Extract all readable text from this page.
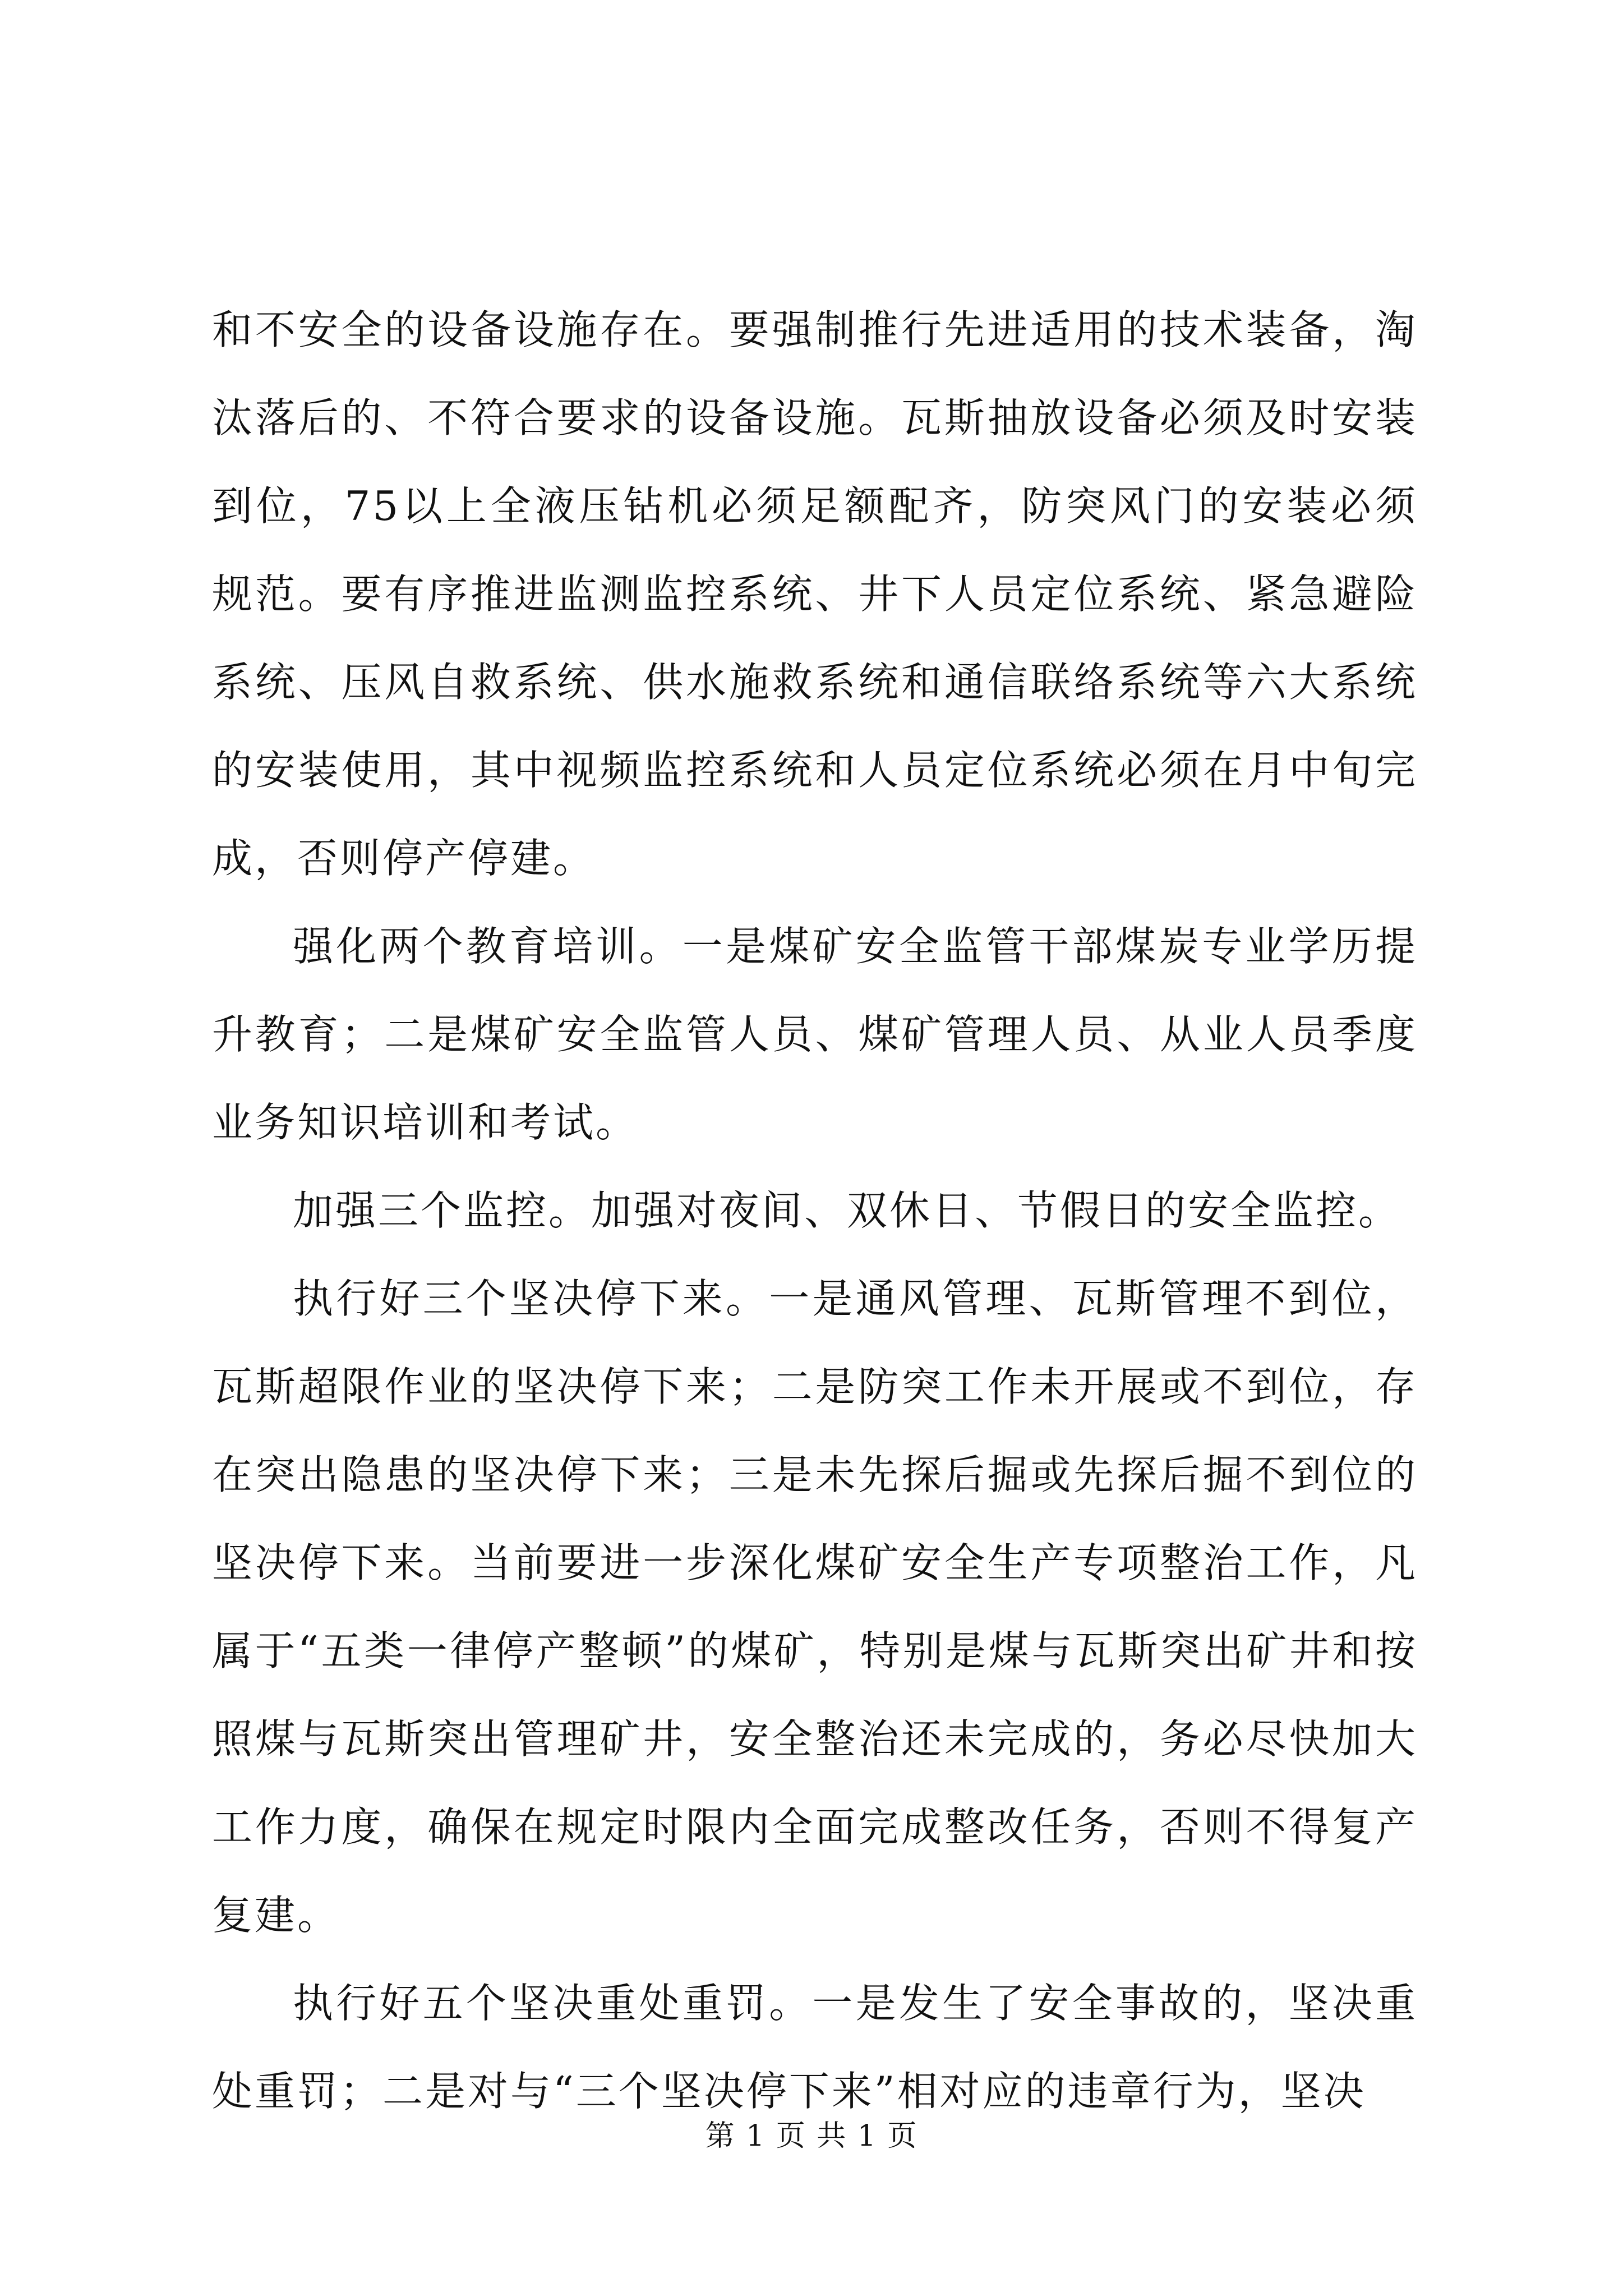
和不安全的设备设施存在。要强制推行先进适用的技术装备，淘汰落后的、不符合要求的设备设施。瓦斯抽放设备必须及时安装到位，75以上全液压钻机必须足额配齐，防突风门的安装必须规范。要有序推进监测监控系统、井下人员定位系统、紧急避险系统、压风自救系统、供水施救系统和通信联络系统等六大系统的安装使用，其中视频监控系统和人员定位系统必须在月中旬完成，否则停产停建。

强化两个教育培训。一是煤矿安全监管干部煤炭专业学历提升教育；二是煤矿安全监管人员、煤矿管理人员、从业人员季度业务知识培训和考试。

加强三个监控。加强对夜间、双休日、节假日的安全监控。

执行好三个坚决停下来。一是通风管理、瓦斯管理不到位，瓦斯超限作业的坚决停下来；二是防突工作未开展或不到位，存在突出隐患的坚决停下来；三是未先探后掘或先探后掘不到位的坚决停下来。当前要进一步深化煤矿安全生产专项整治工作，凡属于“五类一律停产整顿”的煤矿，特别是煤与瓦斯突出矿井和按照煤与瓦斯突出管理矿井，安全整治还未完成的，务必尽快加大工作力度，确保在规定时限内全面完成整改任务，否则不得复产复建。

执行好五个坚决重处重罚。一是发生了安全事故的，坚决重处重罚；二是对与“三个坚决停下来”相对应的违章行为，坚决

第 1 页 共 1 页
